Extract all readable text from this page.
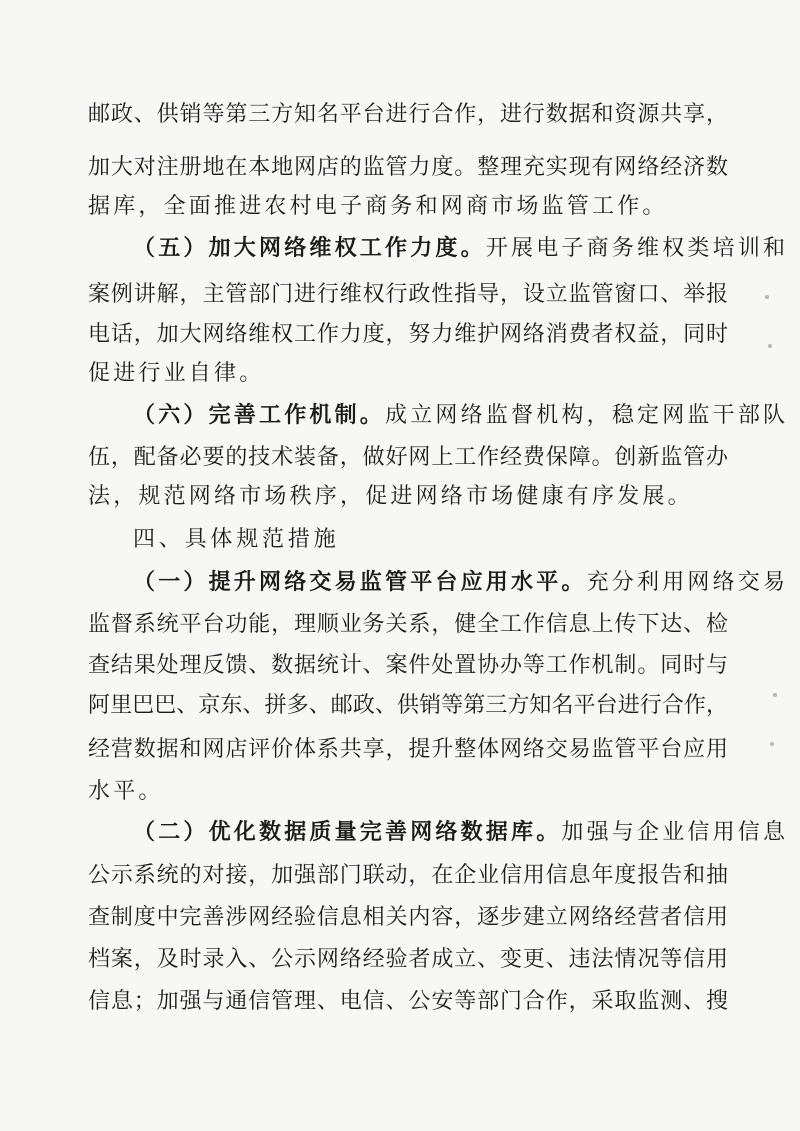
邮政、供销等第三方知名平台进行合作，进行数据和资源共享，
加大对注册地在本地网店的监管力度。整理充实现有网络经济数
据库，全面推进农村电子商务和网商市场监管工作。
（五）加大网络维权工作力度。开展电子商务维权类培训和
案例讲解，主管部门进行维权行政性指导，设立监管窗口、举报
电话，加大网络维权工作力度，努力维护网络消费者权益，同时
促进行业自律。
（六）完善工作机制。成立网络监督机构，稳定网监干部队
伍，配备必要的技术装备，做好网上工作经费保障。创新监管办
法，规范网络市场秩序，促进网络市场健康有序发展。
四、具体规范措施
（一）提升网络交易监管平台应用水平。充分利用网络交易
监督系统平台功能，理顺业务关系，健全工作信息上传下达、检
查结果处理反馈、数据统计、案件处置协办等工作机制。同时与
阿里巴巴、京东、拼多、邮政、供销等第三方知名平台进行合作，
经营数据和网店评价体系共享，提升整体网络交易监管平台应用
水平。
（二）优化数据质量完善网络数据库。加强与企业信用信息
公示系统的对接，加强部门联动，在企业信用信息年度报告和抽
查制度中完善涉网经验信息相关内容，逐步建立网络经营者信用
档案，及时录入、公示网络经验者成立、变更、违法情况等信用
信息；加强与通信管理、电信、公安等部门合作，采取监测、搜
